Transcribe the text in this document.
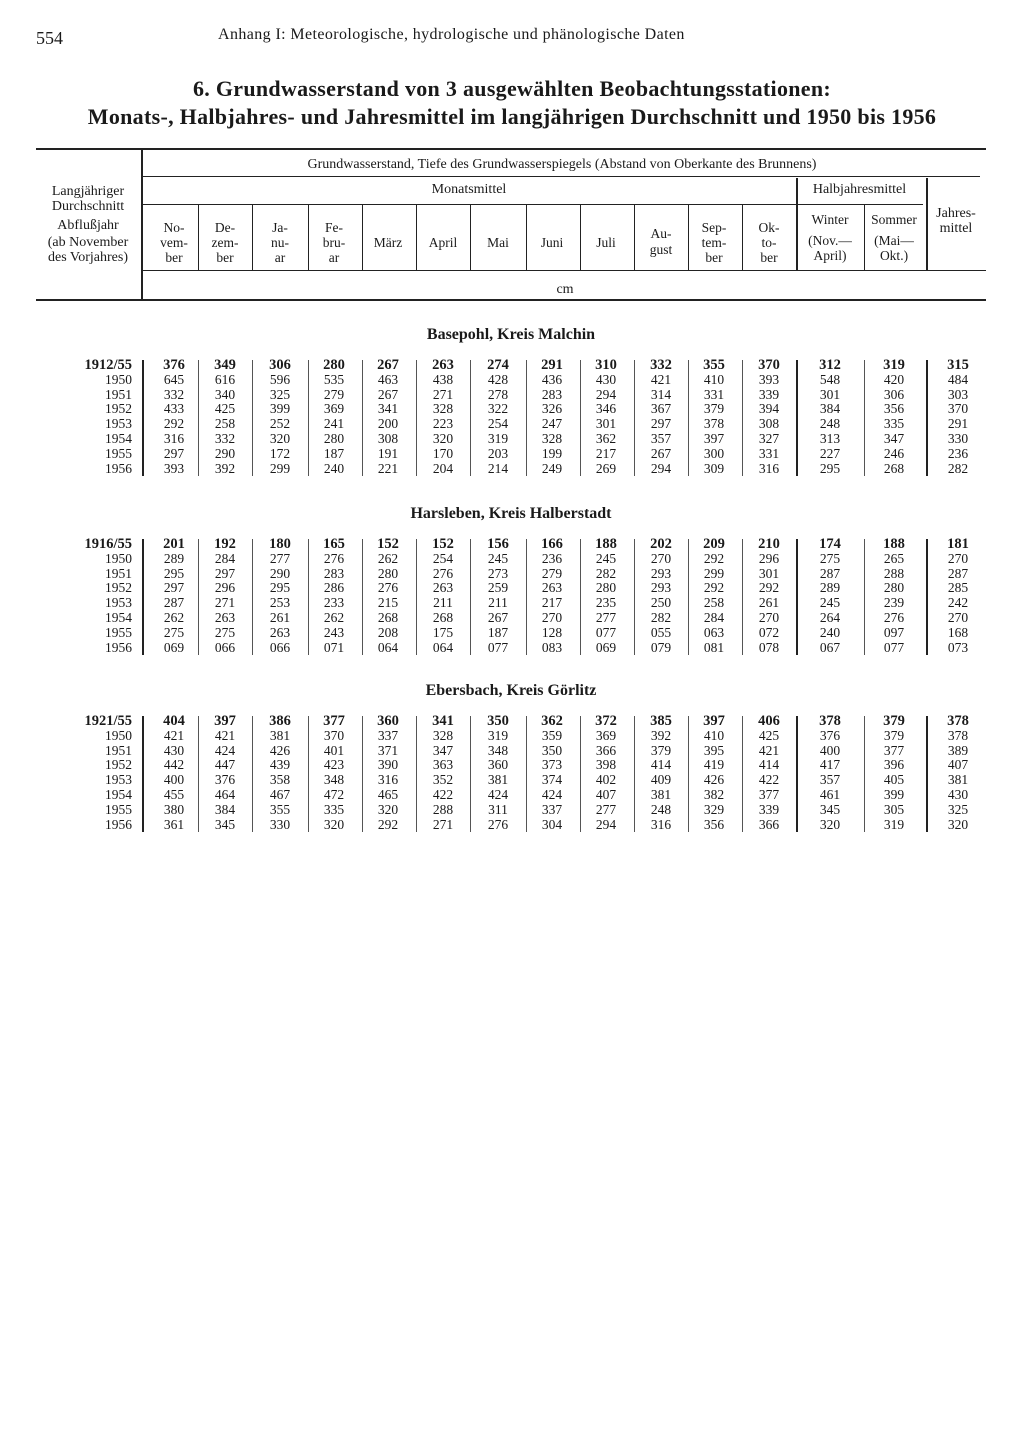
554	Anhang I: Meteorologische, hydrologische und phänologische Daten
6. Grundwasserstand von 3 ausgewählten Beobachtungsstationen:
Monats-, Halbjahres- und Jahresmittel im langjährigen Durchschnitt und 1950 bis 1956
Langjähriger
Durchschnitt
Abflußjahr
(ab November
des Vorjahres)
Grundwasserstand, Tiefe des Grundwasserspiegels (Abstand von Oberkante des Brunnens)
Monatsmittel	Halbjahresmittel
Jahres-
mittel
cm
No-
vem-
ber
De-
zem-
ber
Ja-
nu-
ar
Fe-
bru-
ar
März	April	Mai	Juni	Juli
Au-
gust
Sep-
tem-
ber
Ok-
to-
ber
Winter
(Nov.—
April)
Sommer
(Mai—
Okt.)
Basepohl, Kreis Malchin
1912/55	376	349	306	280	267	263	274	291	310	332	355	370	312	319	315
1950	645	616	596	535	463	438	428	436	430	421	410	393	548	420	484
1951	332	340	325	279	267	271	278	283	294	314	331	339	301	306	303
1952	433	425	399	369	341	328	322	326	346	367	379	394	384	356	370
1953	292	258	252	241	200	223	254	247	301	297	378	308	248	335	291
1954	316	332	320	280	308	320	319	328	362	357	397	327	313	347	330
1955	297	290	172	187	191	170	203	199	217	267	300	331	227	246	236
1956	393	392	299	240	221	204	214	249	269	294	309	316	295	268	282
Harsleben, Kreis Halberstadt
1916/55	201	192	180	165	152	152	156	166	188	202	209	210	174	188	181
1950	289	284	277	276	262	254	245	236	245	270	292	296	275	265	270
1951	295	297	290	283	280	276	273	279	282	293	299	301	287	288	287
1952	297	296	295	286	276	263	259	263	280	293	292	292	289	280	285
1953	287	271	253	233	215	211	211	217	235	250	258	261	245	239	242
1954	262	263	261	262	268	268	267	270	277	282	284	270	264	276	270
1955	275	275	263	243	208	175	187	128	077	055	063	072	240	097	168
1956	069	066	066	071	064	064	077	083	069	079	081	078	067	077	073
Ebersbach, Kreis Görlitz
1921/55	404	397	386	377	360	341	350	362	372	385	397	406	378	379	378
1950	421	421	381	370	337	328	319	359	369	392	410	425	376	379	378
1951	430	424	426	401	371	347	348	350	366	379	395	421	400	377	389
1952	442	447	439	423	390	363	360	373	398	414	419	414	417	396	407
1953	400	376	358	348	316	352	381	374	402	409	426	422	357	405	381
1954	455	464	467	472	465	422	424	424	407	381	382	377	461	399	430
1955	380	384	355	335	320	288	311	337	277	248	329	339	345	305	325
1956	361	345	330	320	292	271	276	304	294	316	356	366	320	319	320
